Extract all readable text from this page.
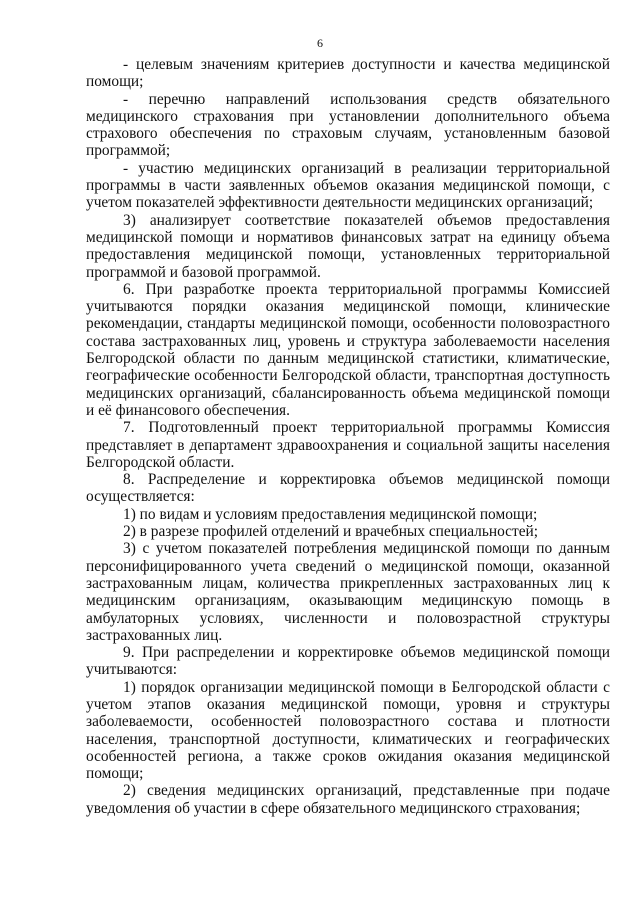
6

- целевым значениям критериев доступности и качества медицинской помощи;

- перечню направлений использования средств обязательного медицинского страхования при установлении дополнительного объема страхового обеспечения по страховым случаям, установленным базовой программой;

- участию медицинских организаций в реализации территориальной программы в части заявленных объемов оказания медицинской помощи, с учетом показателей эффективности деятельности медицинских организаций;

3) анализирует соответствие показателей объемов предоставления медицинской помощи и нормативов финансовых затрат на единицу объема предоставления медицинской помощи, установленных территориальной программой и базовой программой.

6. При разработке проекта территориальной программы Комиссией учитываются порядки оказания медицинской помощи, клинические рекомендации, стандарты медицинской помощи, особенности половозрастного состава застрахованных лиц, уровень и структура заболеваемости населения Белгородской области по данным медицинской статистики, климатические, географические особенности Белгородской области, транспортная доступность медицинских организаций, сбалансированность объема медицинской помощи и её финансового обеспечения.

7. Подготовленный проект территориальной программы Комиссия представляет в департамент здравоохранения и социальной защиты населения Белгородской области.

8. Распределение и корректировка объемов медицинской помощи осуществляется:

1) по видам и условиям предоставления медицинской помощи;

2) в разрезе профилей отделений и врачебных специальностей;

3) с учетом показателей потребления медицинской помощи по данным персонифицированного учета сведений о медицинской помощи, оказанной застрахованным лицам, количества прикрепленных застрахованных лиц к медицинским организациям, оказывающим медицинскую помощь в амбулаторных условиях, численности и половозрастной структуры застрахованных лиц.

9. При распределении и корректировке объемов медицинской помощи учитываются:

1) порядок организации медицинской помощи в Белгородской области с учетом этапов оказания медицинской помощи, уровня и структуры заболеваемости, особенностей половозрастного состава и плотности населения, транспортной доступности, климатических и географических особенностей региона, а также сроков ожидания оказания медицинской помощи;

2) сведения медицинских организаций, представленные при подаче уведомления об участии в сфере обязательного медицинского страхования;
